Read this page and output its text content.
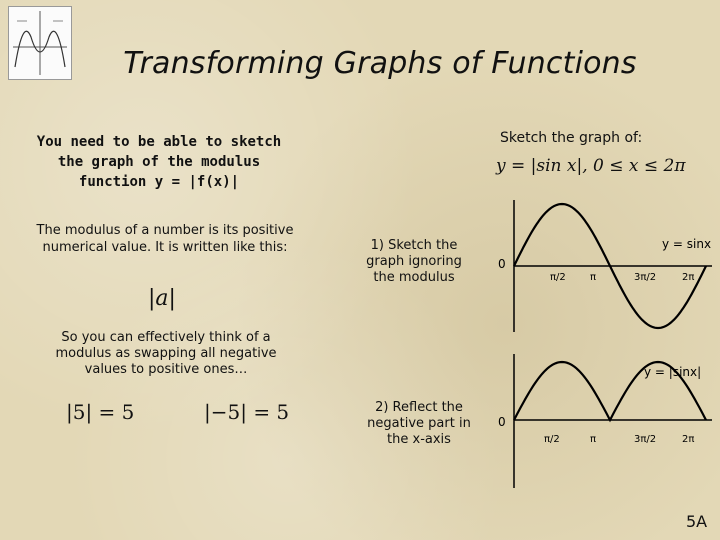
Transforming Graphs of Functions
You need to be able to sketch the graph of the modulus function y = |f(x)|
The modulus of a number is its positive numerical value. It is written like this:
|a|
So you can effectively think of a modulus as swapping all negative values to positive ones…
|5| = 5	|−5| = 5
Sketch the graph of:
y = |sin x|, 0 ≤ x ≤ 2π
1) Sketch the graph ignoring the modulus
2) Reflect the negative part in the x-axis
0
π/2 π	3π/2	2π
y = sinx
0
π/2	π	3π/2	2π
y = |sinx|
5A
